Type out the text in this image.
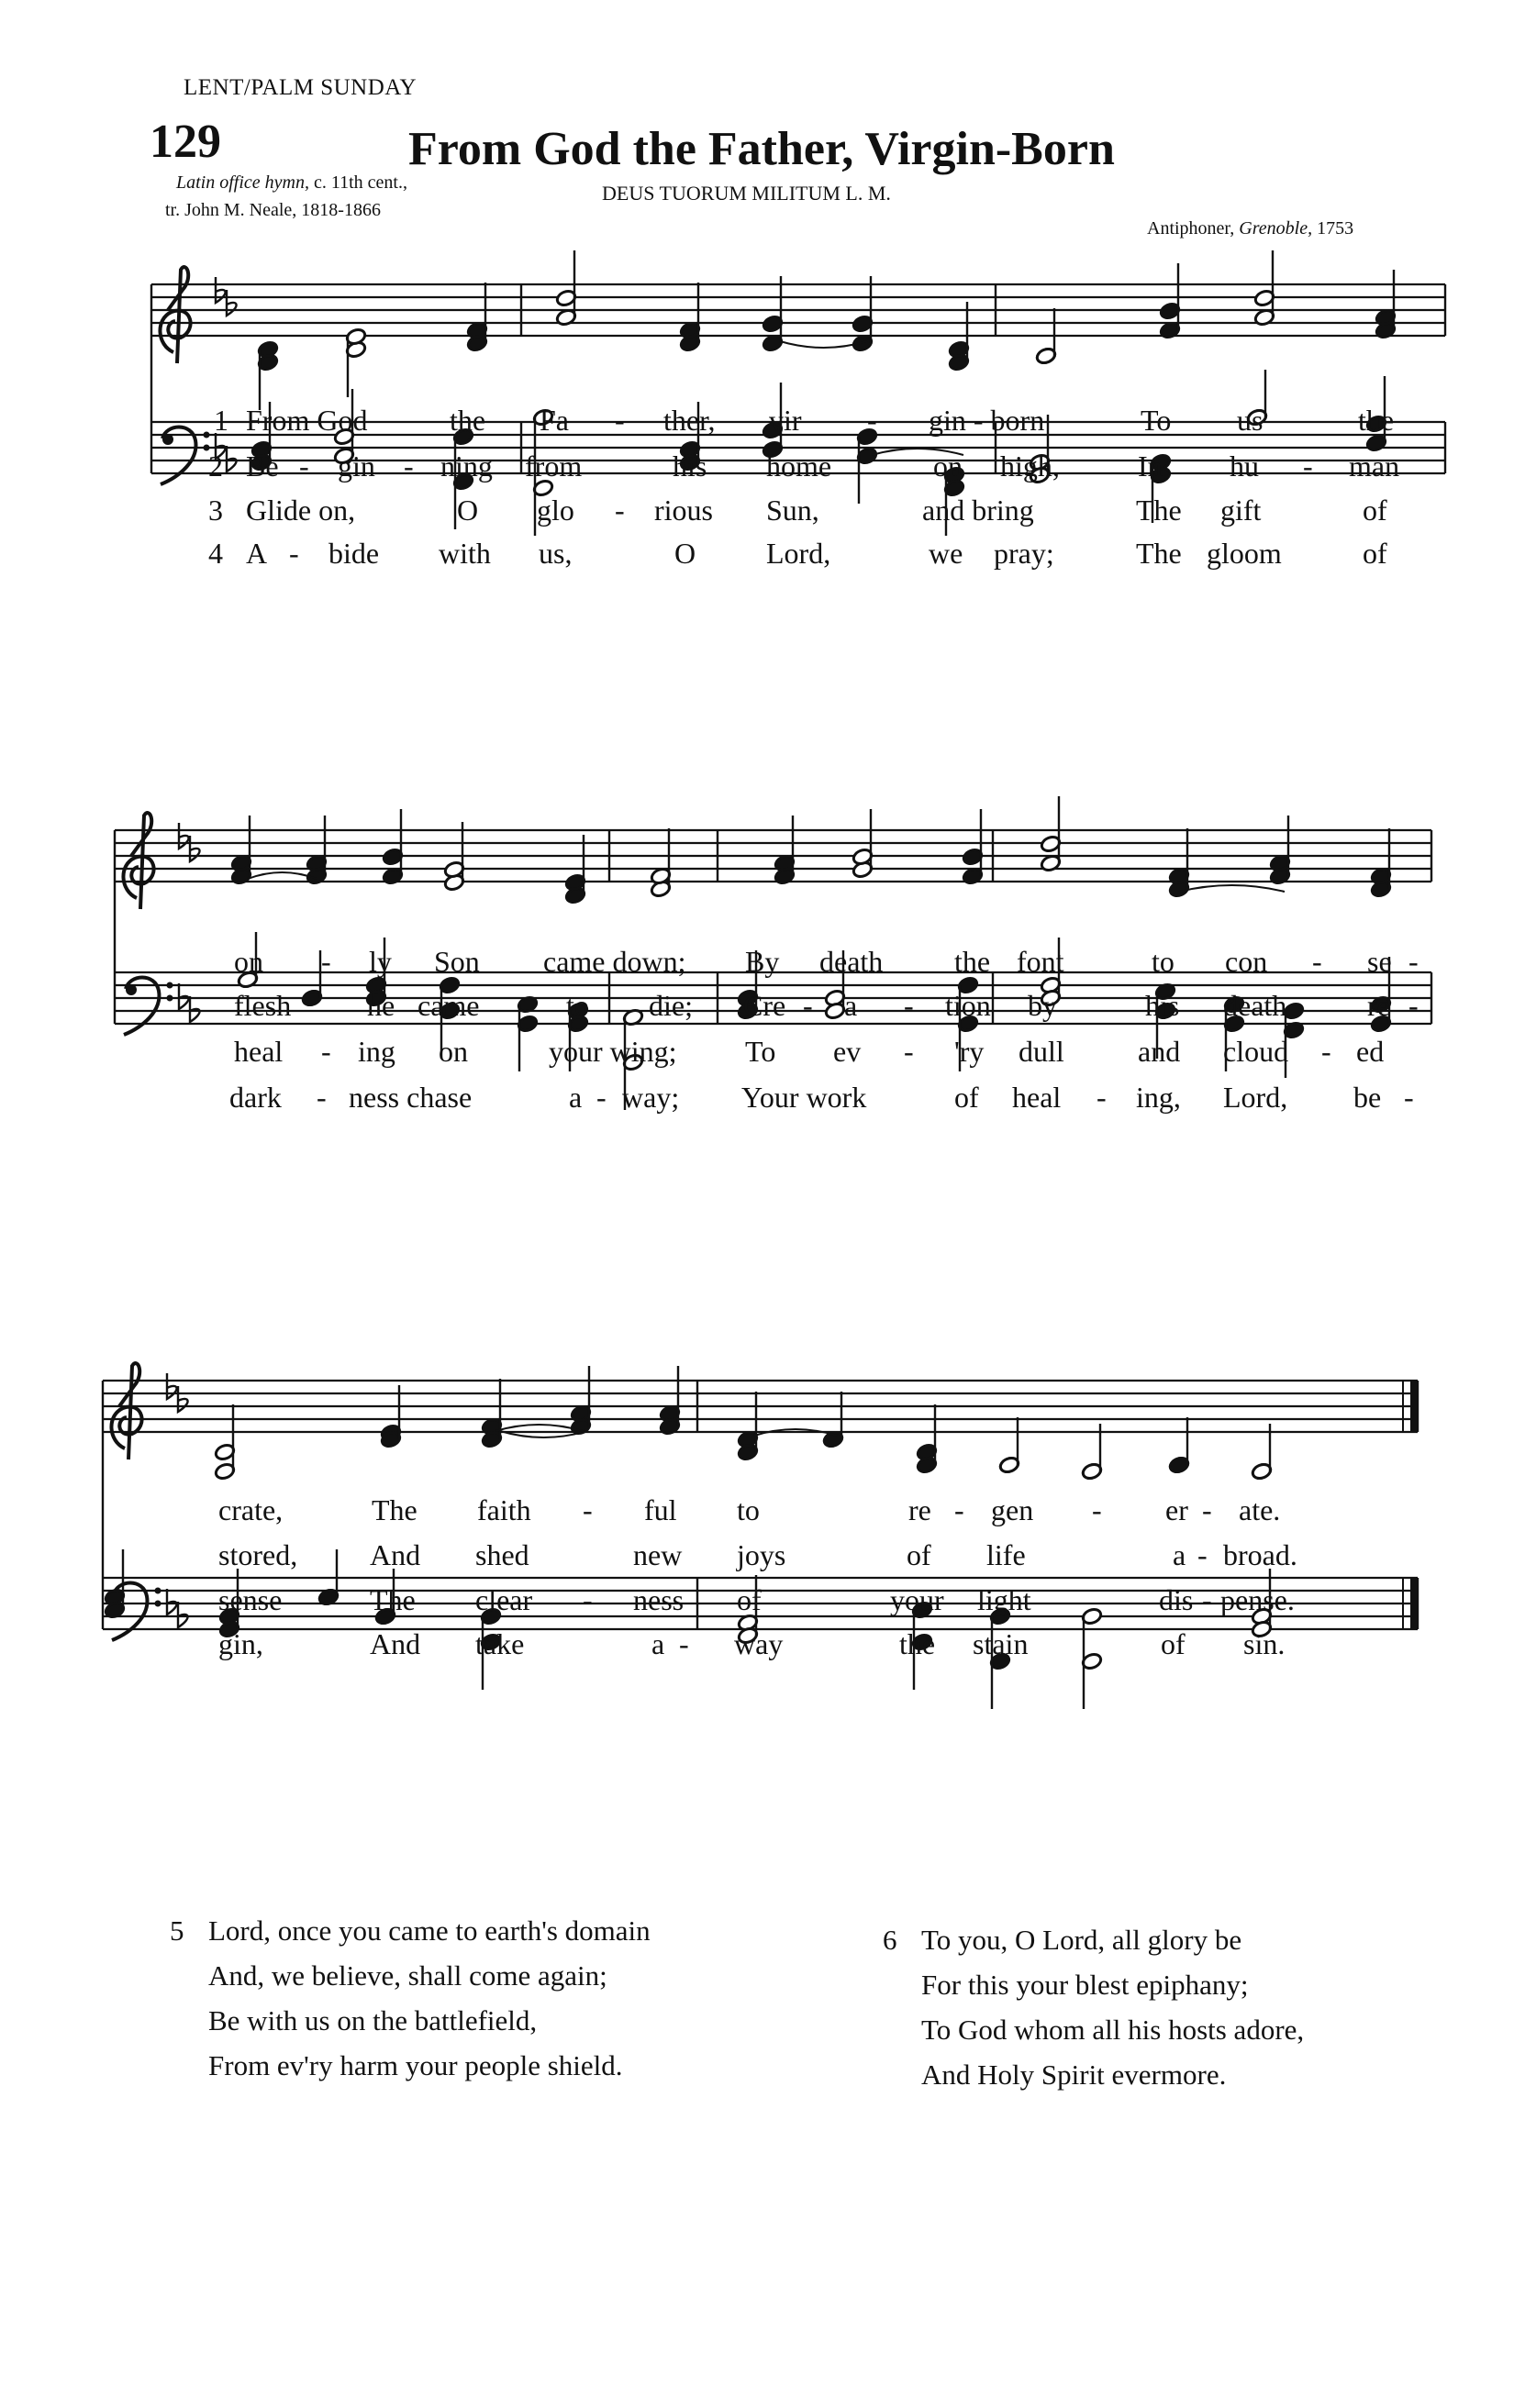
LENT/PALM SUNDAY
129	From God the Father, Virgin-Born
Latin office hymn, c. 11th cent.,
tr. John M. Neale, 1818-1866
DEUS TUORUM MILITUM L. M.
Antiphoner, Grenoble, 1753
1 From God	the Fa - ther, vir - gin - born	To us	the
2 Be - gin - ning from	his home	on high,	In hu - man
3 Glide on,	O glo - rious Sun,	and bring	The gift	of
4 A - bide with us,	O Lord,	we pray;	The gloom	of
on - ly Son came down; By death the font	to con - se -
flesh	he came	to die; Cre - a - tion by	his death	re -
heal - ing on	your wing; To ev - 'ry dull	and cloud - ed
dark - ness chase	a - way; Your work	of heal - ing, Lord, be -
crate,	The faith - ful to	re - gen - er - ate.
stored, And shed	new joys	of life	a - broad.
sense	The clear - ness of	your light	dis - pense.
gin,	And take	a - way	the stain	of sin.
5 Lord, once you came to earth's domain
And, we believe, shall come again;
Be with us on the battlefield,
From ev'ry harm your people shield.
6 To you, O Lord, all glory be
For this your blest epiphany;
To God whom all his hosts adore,
And Holy Spirit evermore.
